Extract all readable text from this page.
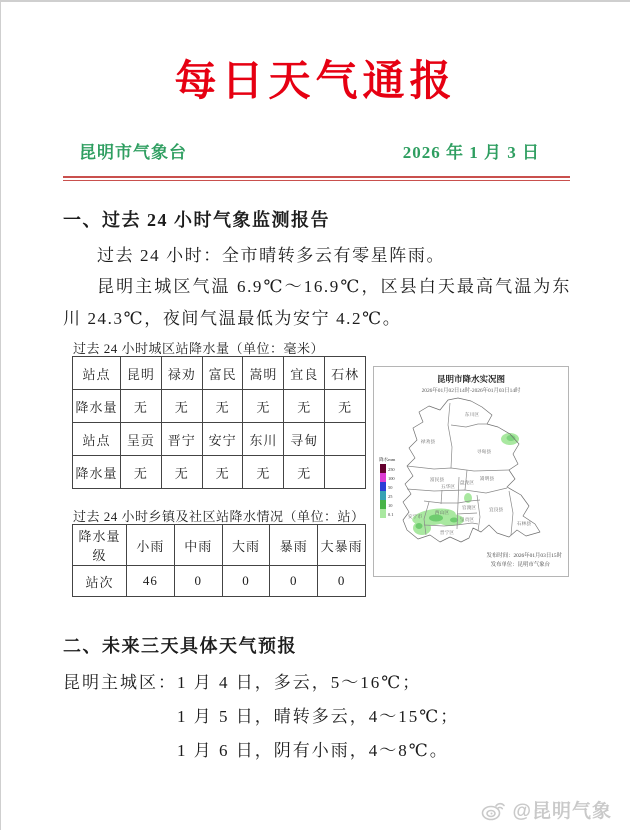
每日天气通报
昆明市气象台	2026 年 1 月 3 日
一、过去 24 小时气象监测报告
过去 24 小时：全市晴转多云有零星阵雨。
昆明主城区气温 6.9℃～16.9℃，区县白天最高气温为东川 24.3℃，夜间气温最低为安宁 4.2℃。
过去 24 小时城区站降水量（单位：毫米）
站点	昆明	禄劝	富民	嵩明	宜良	石林
降水量	无	无	无	无	无	无
站点	呈贡	晋宁	安宁	东川	寻甸	
降水量	无	无	无	无	无	
昆明市降水实况图
2026年01月02日14时-2026年01月03日14时
禄劝县
东川区
寻甸县
富民县	嵩明县
五华区
盘龙区
官渡区
西山区
安宁市
呈贡区
晋宁区
宜良县
石林县
降水mm
250
100
50
25
10
0.1
发布时间：2026年01月03日15时
发布单位：昆明市气象台
过去 24 小时乡镇及社区站降水情况（单位：站）
降水量级	小雨	中雨	大雨	暴雨	大暴雨
站次	46	0	0	0	0
二、未来三天具体天气预报
昆明主城区：1 月 4 日，多云，5～16℃；
1 月 5 日，晴转多云，4～15℃；
1 月 6 日，阴有小雨，4～8℃。
@昆明气象
